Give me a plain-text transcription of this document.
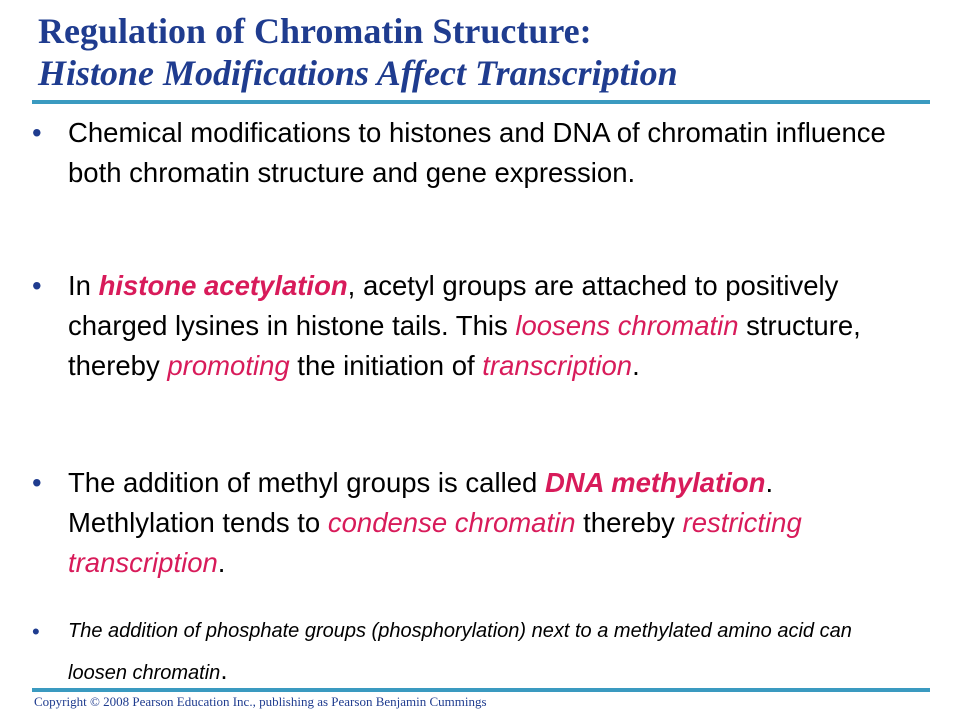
Regulation of Chromatin Structure:
Histone Modifications Affect Transcription
• Chemical modifications to histones and DNA of chromatin influence both chromatin structure and gene expression.
• In histone acetylation, acetyl groups are attached to positively charged lysines in histone tails. This loosens chromatin structure, thereby promoting the initiation of transcription.
• The addition of methyl groups is called DNA methylation. Methlylation tends to condense chromatin thereby restricting transcription.
• The addition of phosphate groups (phosphorylation) next to a methylated amino acid can loosen chromatin.
Copyright © 2008 Pearson Education Inc., publishing as Pearson Benjamin Cummings
